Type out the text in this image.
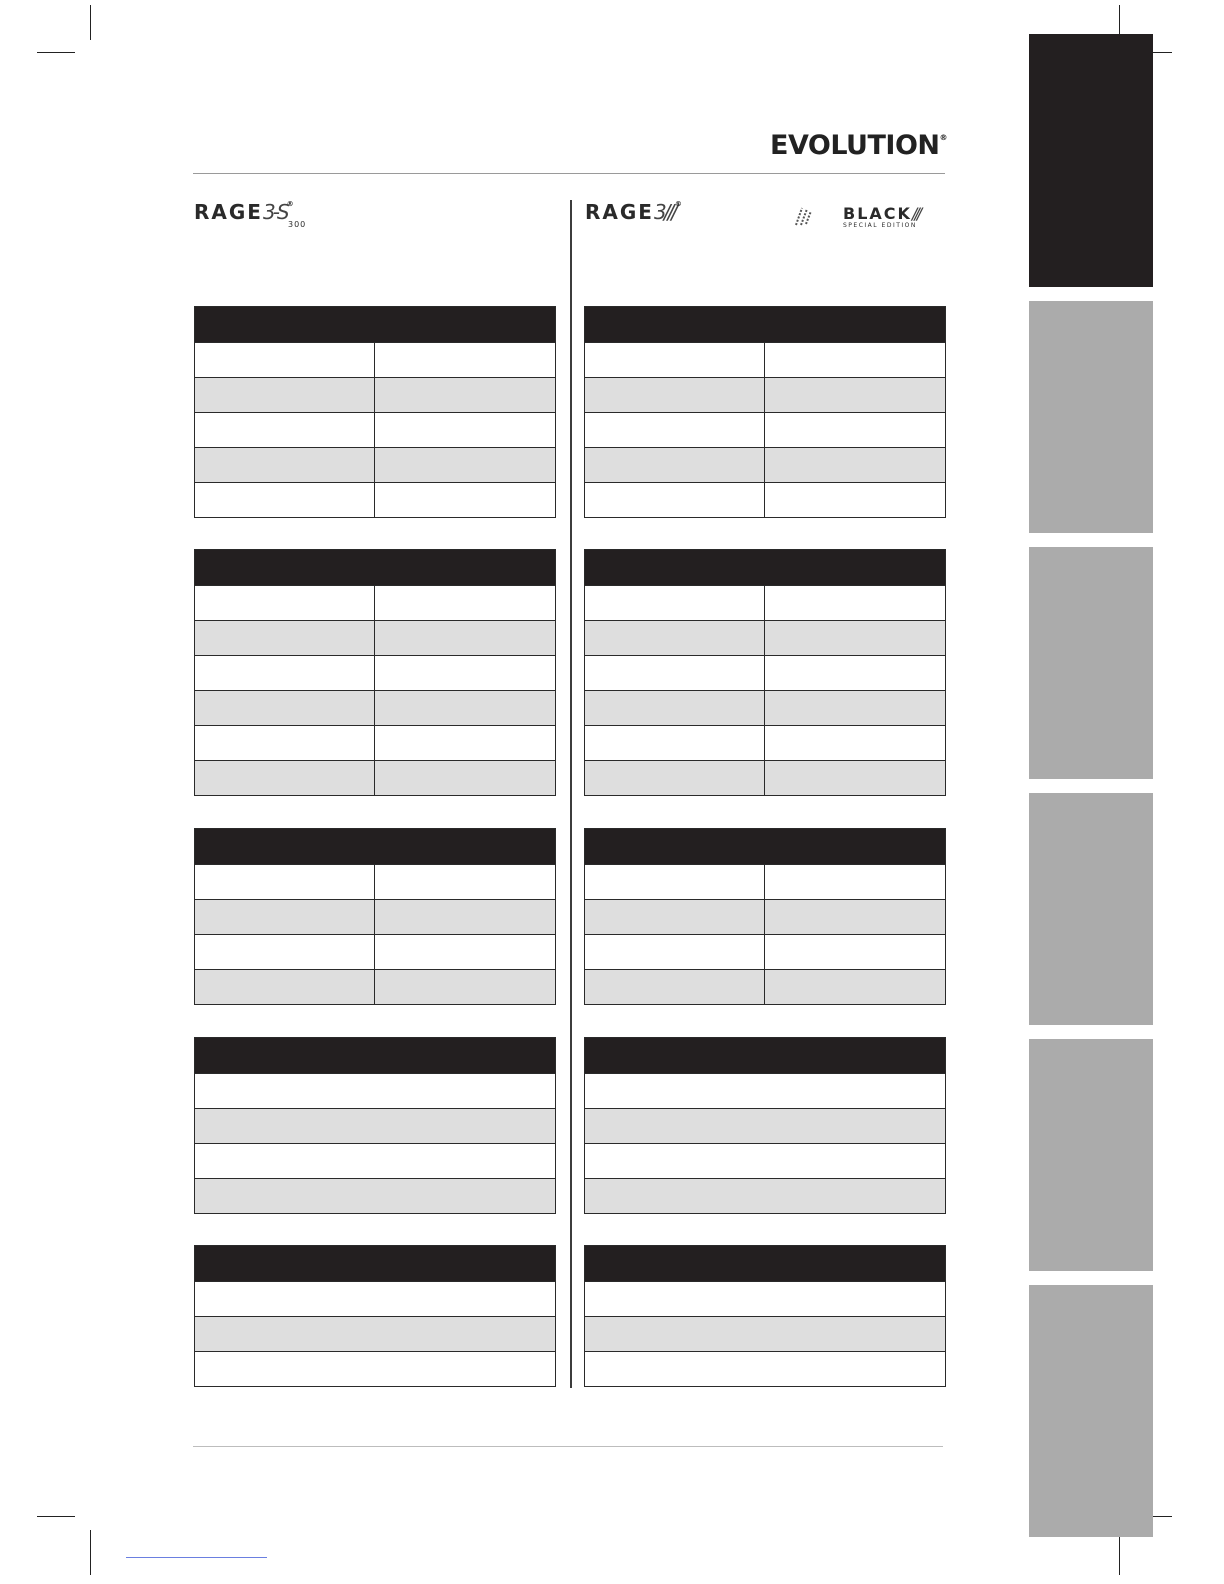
EVOLUTION®
RAGE3-S®
300
RAGE3///®	BLACK///
SPECIAL EDITION
